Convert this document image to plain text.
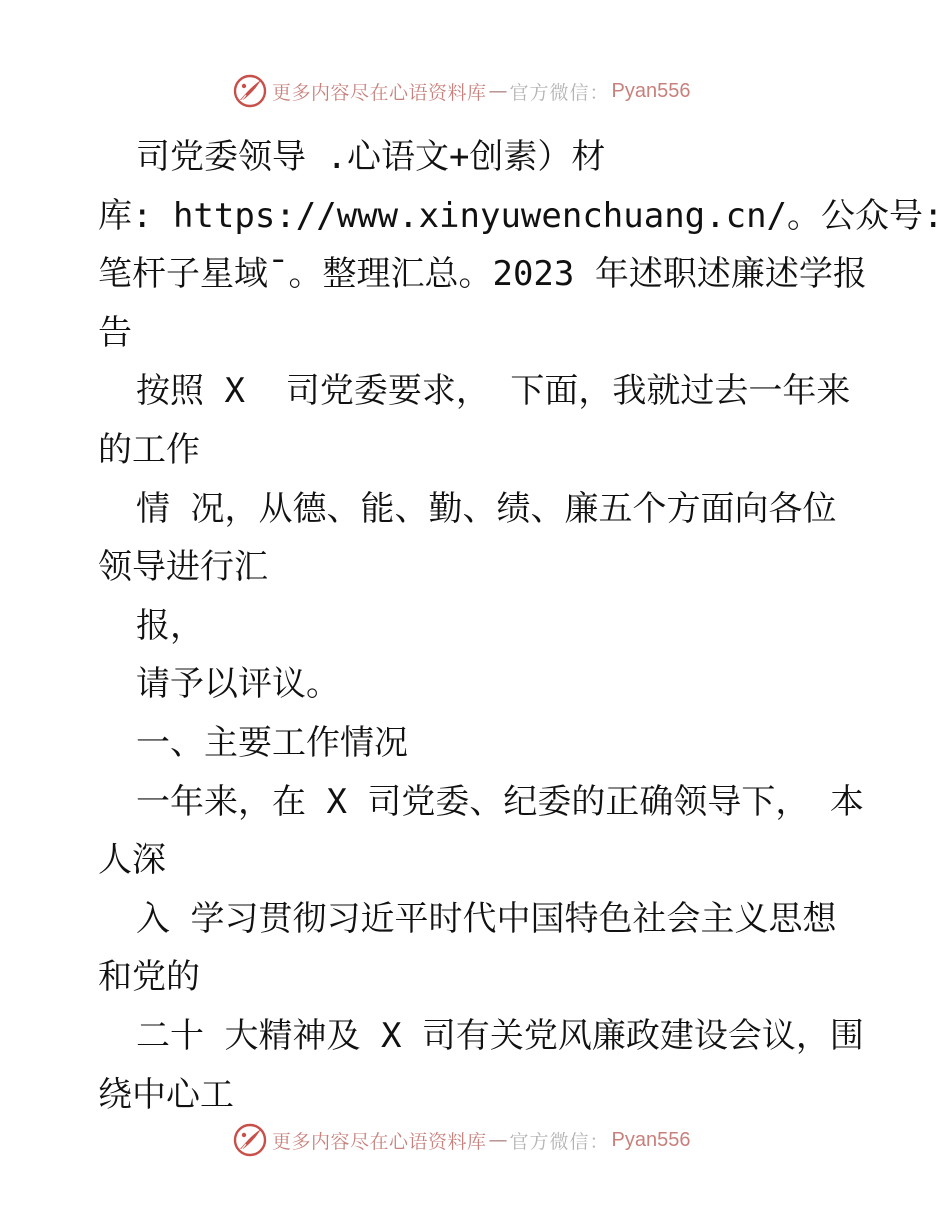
更多内容尽在心语资料库 — 官方微信： Pyan556
司党委领导 .心语文+创素）材
库: https://www.xinyuwenchuang.cn/。公众号:
笔杆子星域¯。整理汇总。2023 年述职述廉述学报
告
按照 X  司党委要求， 下面，我就过去一年来
的工作
情 况，从德、能、勤、绩、廉五个方面向各位
领导进行汇
报，
请予以评议。
一、主要工作情况
一年来，在 X 司党委、纪委的正确领导下， 本
人深
入 学习贯彻习近平时代中国特色社会主义思想
和党的
二十 大精神及 X 司有关党风廉政建设会议，围
绕中心工
更多内容尽在心语资料库 — 官方微信： Pyan556
